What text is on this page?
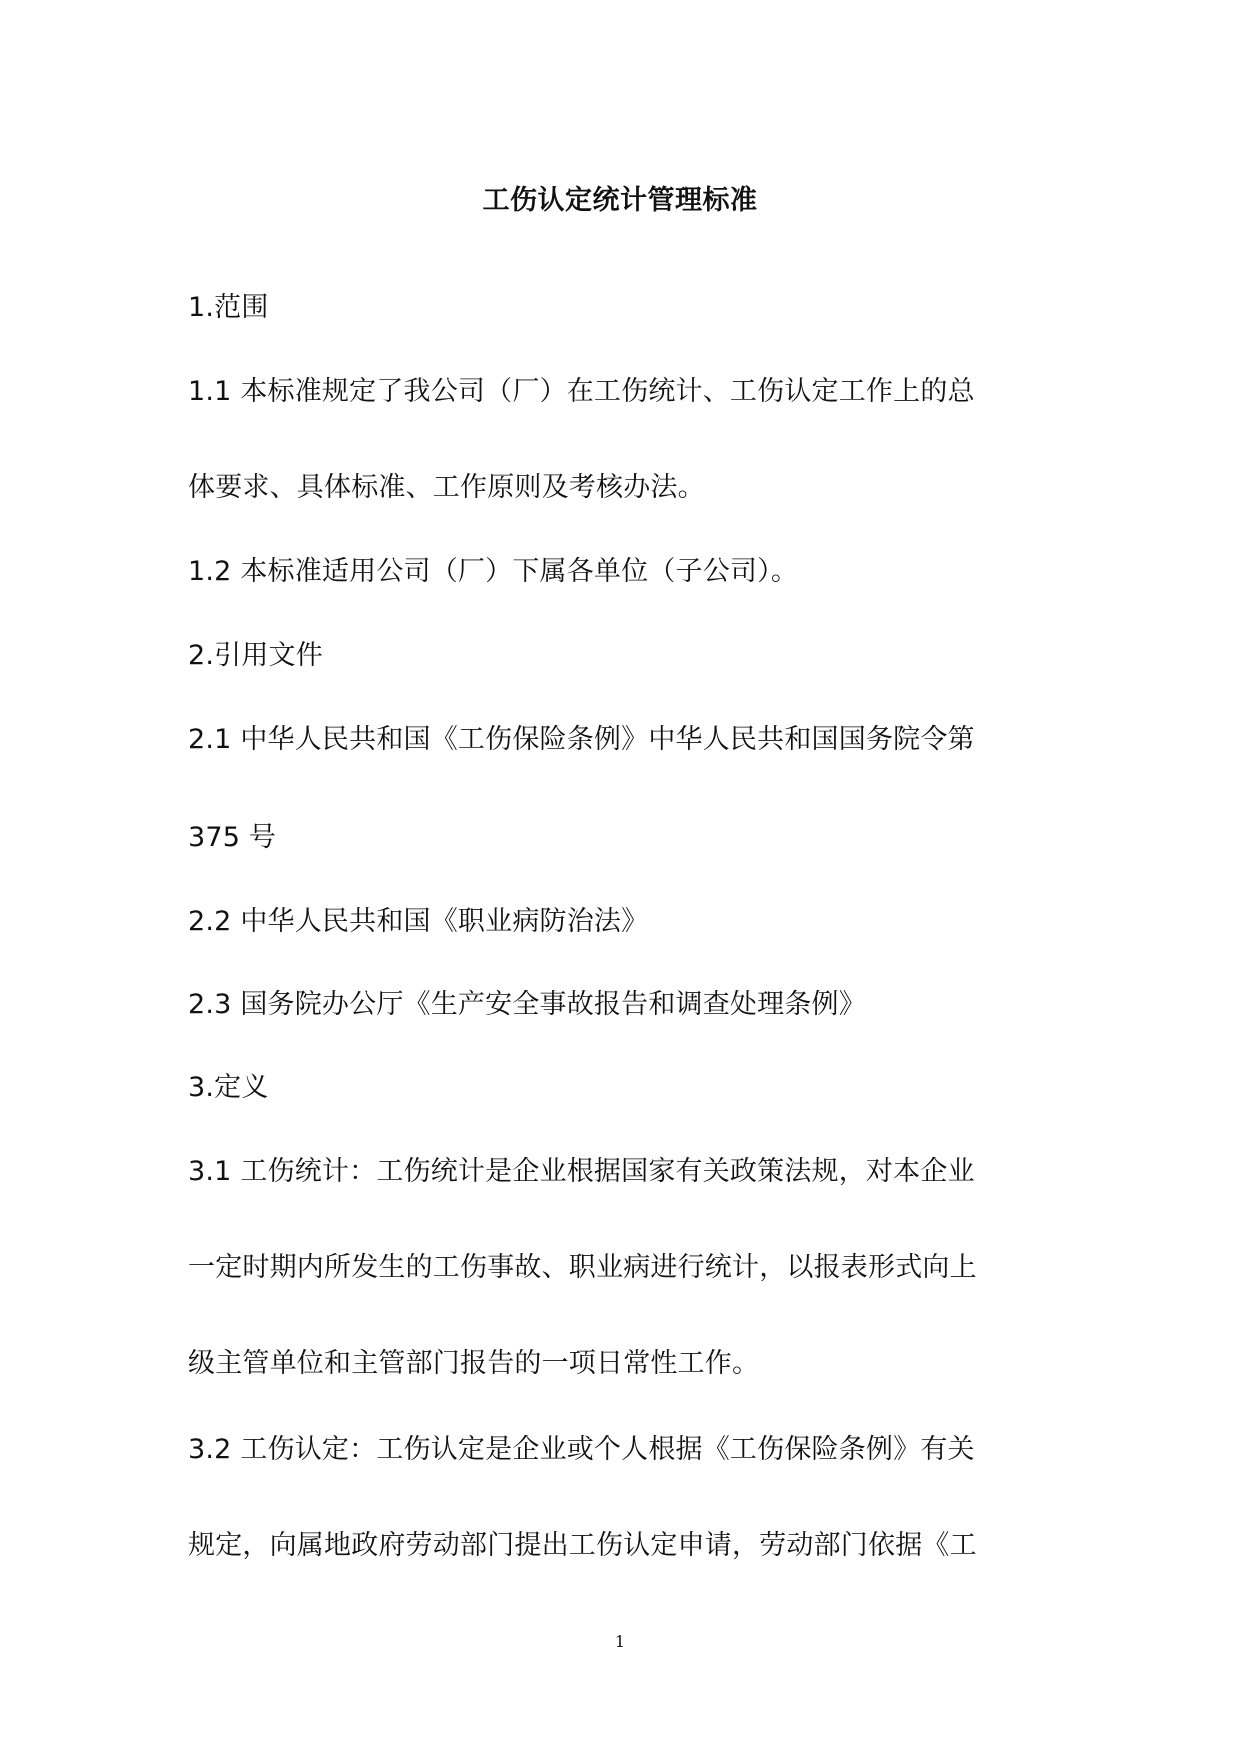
工伤认定统计管理标准
1.范围
1.1 本标准规定了我公司（厂）在工伤统计、工伤认定工作上的总
体要求、具体标准、工作原则及考核办法。
1.2 本标准适用公司（厂）下属各单位（子公司）。
2.引用文件
2.1 中华人民共和国《工伤保险条例》中华人民共和国国务院令第
375 号
2.2 中华人民共和国《职业病防治法》
2.3 国务院办公厅《生产安全事故报告和调查处理条例》
3.定义
3.1 工伤统计：工伤统计是企业根据国家有关政策法规，对本企业
一定时期内所发生的工伤事故、职业病进行统计，以报表形式向上
级主管单位和主管部门报告的一项日常性工作。
3.2 工伤认定：工伤认定是企业或个人根据《工伤保险条例》有关
规定，向属地政府劳动部门提出工伤认定申请，劳动部门依据《工
1
